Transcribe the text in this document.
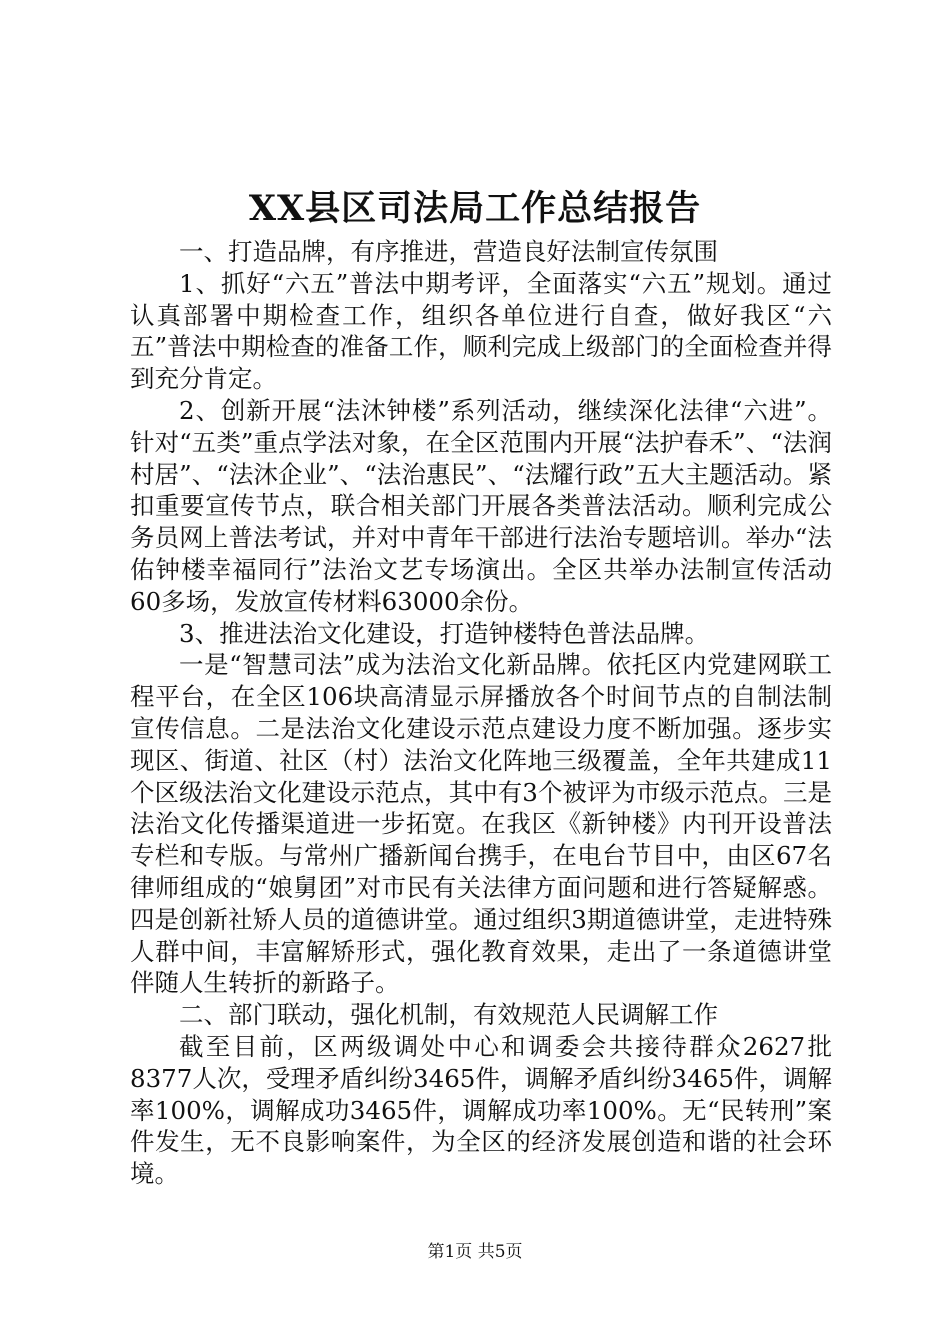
XX县区司法局工作总结报告

一、打造品牌，有序推进，营造良好法制宣传氛围

1、抓好“六五”普法中期考评，全面落实“六五”规划。通过认真部署中期检查工作，组织各单位进行自查，做好我区“六五”普法中期检查的准备工作，顺利完成上级部门的全面检查并得到充分肯定。

2、创新开展“法沐钟楼”系列活动，继续深化法律“六进”。针对“五类”重点学法对象，在全区范围内开展“法护春禾”、“法润村居”、“法沐企业”、“法治惠民”、“法耀行政”五大主题活动。紧扣重要宣传节点，联合相关部门开展各类普法活动。顺利完成公务员网上普法考试，并对中青年干部进行法治专题培训。举办“法佑钟楼幸福同行”法治文艺专场演出。全区共举办法制宣传活动60多场，发放宣传材料63000余份。

3、推进法治文化建设，打造钟楼特色普法品牌。

一是“智慧司法”成为法治文化新品牌。依托区内党建网联工程平台，在全区106块高清显示屏播放各个时间节点的自制法制宣传信息。二是法治文化建设示范点建设力度不断加强。逐步实现区、街道、社区（村）法治文化阵地三级覆盖，全年共建成11个区级法治文化建设示范点，其中有3个被评为市级示范点。三是法治文化传播渠道进一步拓宽。在我区《新钟楼》内刊开设普法专栏和专版。与常州广播新闻台携手，在电台节目中，由区67名律师组成的“娘舅团”对市民有关法律方面问题和进行答疑解惑。四是创新社矫人员的道德讲堂。通过组织3期道德讲堂，走进特殊人群中间，丰富解矫形式，强化教育效果，走出了一条道德讲堂伴随人生转折的新路子。

二、部门联动，强化机制，有效规范人民调解工作

截至目前，区两级调处中心和调委会共接待群众2627批8377人次，受理矛盾纠纷3465件，调解矛盾纠纷3465件，调解率100%，调解成功3465件，调解成功率100%。无“民转刑”案件发生，无不良影响案件，为全区的经济发展创造和谐的社会环境。

第1页 共5页
